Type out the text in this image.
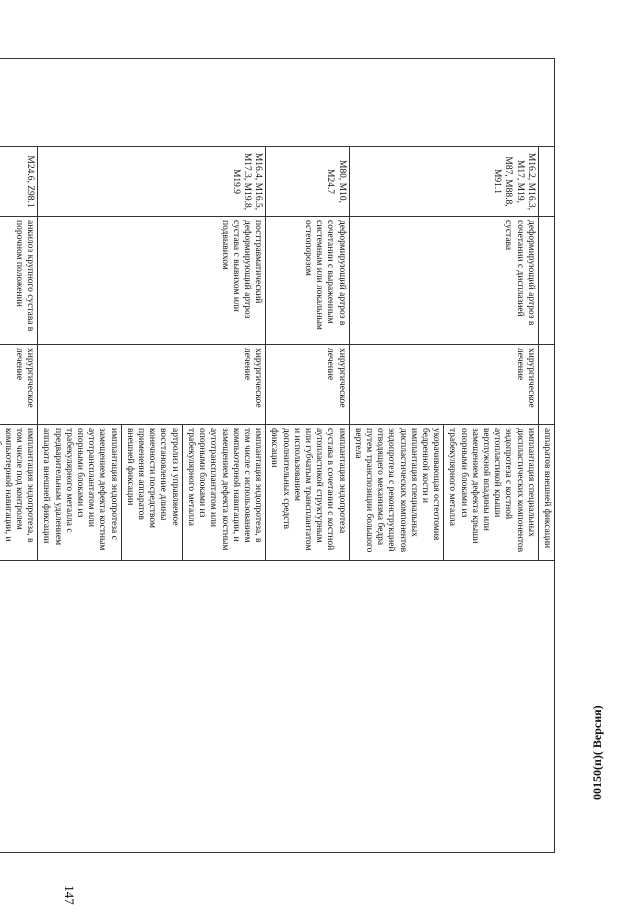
147
00150(п)( Версия)
				аппаратов внешней фиксации	
	M16.2, M16.3, M17, M19, M87, M88.8, M91.1	деформирующий артроз в сочетании с дисплазией сустава	хирургическое лечение	имплантация специальных диспластических компонентов эндопротеза с костной аутопластикой крыши вертлужной впадины или замещением дефекта крыши опорными блоками из трабекулярного металла	
				укорачивающая остеотомия бедренной кости и имплантация специальных диспластических компонентов эндопротеза с реконструкцией отводящего механизма бедра путем транспозиции большого вертела	
	M80, M10, M24.7	деформирующий артроз в сочетании с выраженным системным или локальным остеопорозом	хирургическое лечение	имплантация эндопротеза сустава в сочетании с костной аутопластикой структурным или губчатым трансплантатом и использованием дополнительных средств фиксации	
	M16.4, M16.5, M17.3, M19.8, M19.9	посттравматический деформирующий артроз сустава с вывихом или подвывихом	хирургическое лечение	имплантация эндопротеза, в том числе с использованием компьютерной навигации, и замещением дефекта костным аутотрансплантатом или опорными блоками из трабекулярного металла	
				артролиз и управляемое восстановление длины конечности посредством применения аппаратов внешней фиксации	
				имплантация эндопротеза с замещением дефекта костным аутотрансплантатом или опорными блоками из трабекулярного металла с предварительным удалением аппарата внешней фиксации	
	M24.6, Z98.1	анкилоз крупного сустава в порочном положении	хирургическое лечение	имплантация эндопротеза, в том числе под контролем компьютерной навигации, и	
